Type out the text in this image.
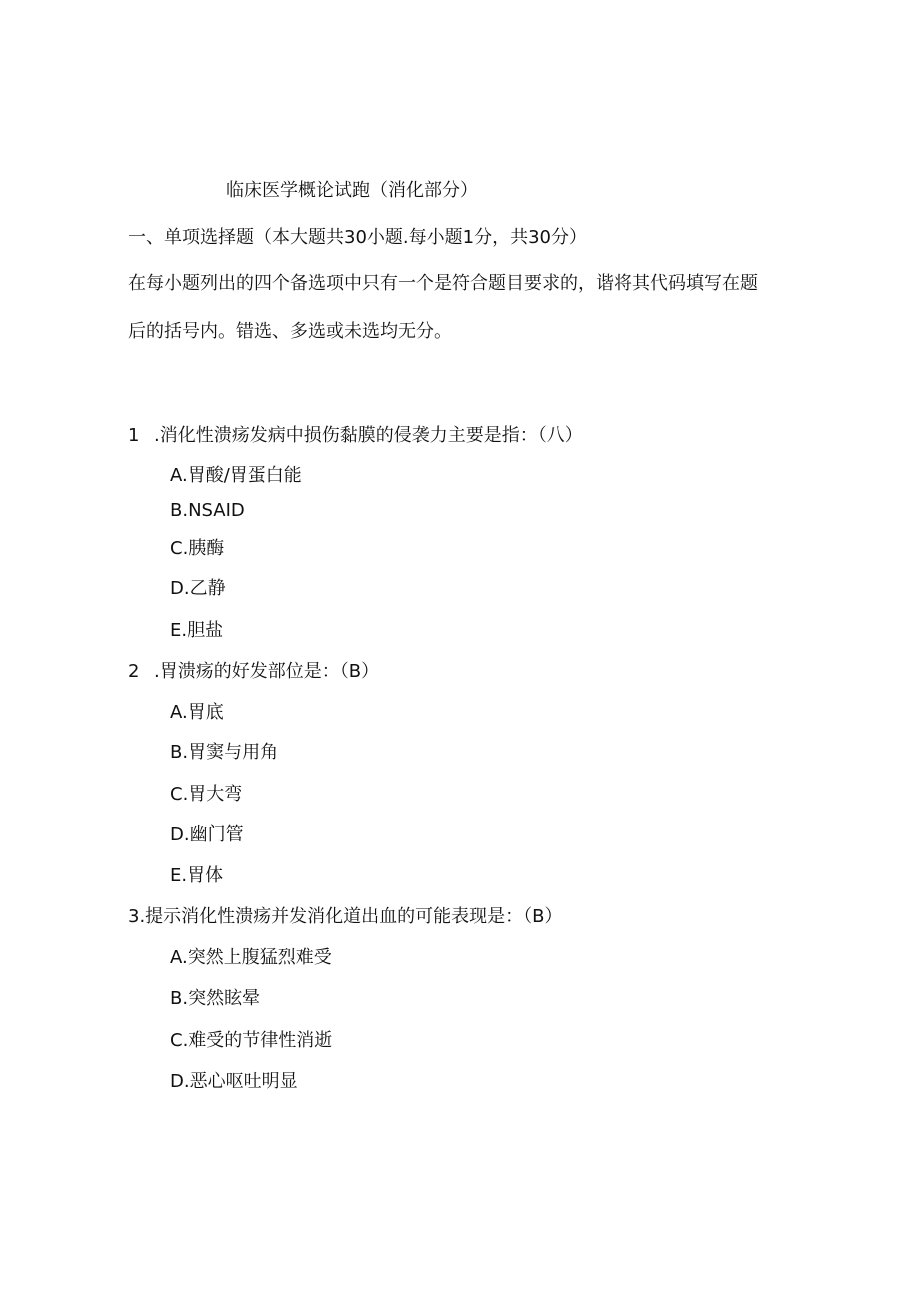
临床医学概论试跑（消化部分）
一、单项选择题（本大题共30小题.每小题1分，共30分）
在每小题列出的四个备选项中只有一个是符合题目要求的，谐将其代码填写在题
后的括号内。错选、多选或未选均无分。
1 .消化性溃疡发病中损伤黏膜的侵袭力主要是指：（八）
A.胃酸/胃蛋白能
B.NSAID
C.胰酶
D.乙静
E.胆盐
2 .胃溃疡的好发部位是：（B）
A.胃底
B.胃窦与用角
C.胃大弯
D.幽门管
E.胃体
3.提示消化性溃疡并发消化道出血的可能表现是：（B）
A.突然上腹猛烈难受
B.突然眩晕
C.难受的节律性消逝
D.恶心呕吐明显
